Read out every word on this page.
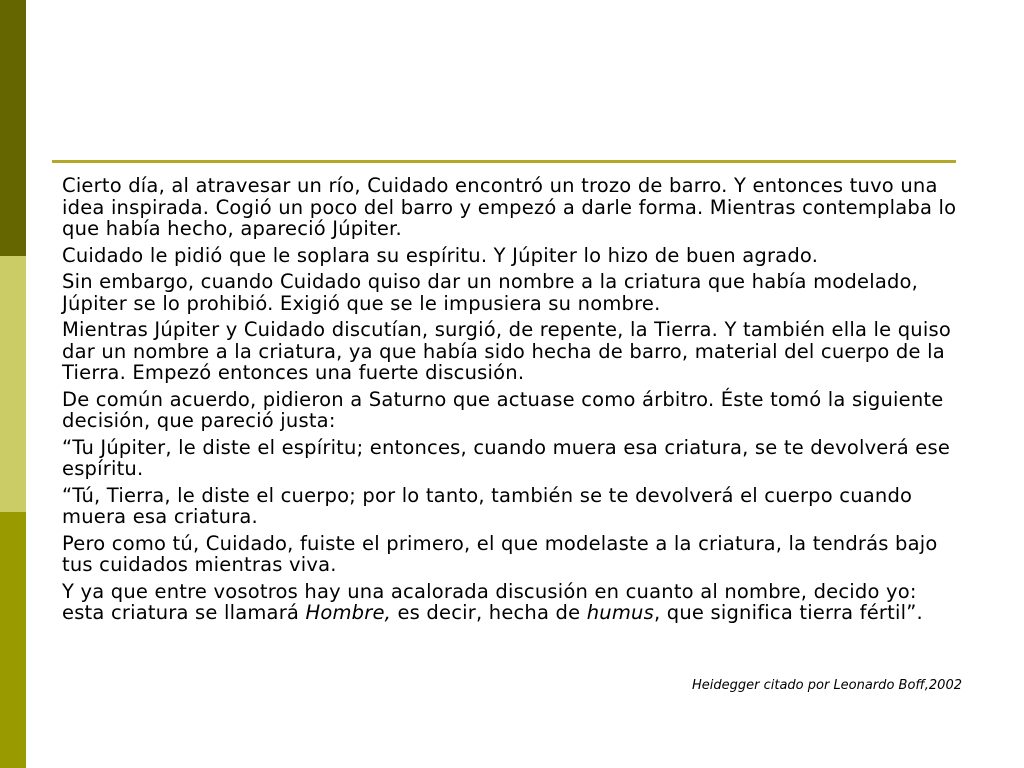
Cierto día, al atravesar un río, Cuidado encontró un trozo de barro. Y entonces tuvo una idea inspirada. Cogió un poco del barro y empezó a darle forma. Mientras contemplaba lo que había hecho, apareció Júpiter.

Cuidado le pidió que le soplara su espíritu. Y Júpiter lo hizo de buen agrado.

Sin embargo, cuando Cuidado quiso dar un nombre a la criatura que había modelado, Júpiter se lo prohibió. Exigió que se le impusiera su nombre.

Mientras Júpiter y Cuidado discutían, surgió, de repente, la Tierra. Y también ella le quiso dar un nombre a la criatura, ya que había sido hecha de barro, material del cuerpo de la Tierra. Empezó entonces una fuerte discusión.

De común acuerdo, pidieron a Saturno que actuase como árbitro. Éste tomó la siguiente decisión, que pareció justa:

“Tu Júpiter, le diste el espíritu; entonces, cuando muera esa criatura, se te devolverá ese espíritu.

“Tú, Tierra, le diste el cuerpo; por lo tanto, también se te devolverá el cuerpo cuando muera esa criatura.

Pero como tú, Cuidado, fuiste el primero, el que modelaste a la criatura, la tendrás bajo tus cuidados mientras viva.

Y ya que entre vosotros hay una acalorada discusión en cuanto al nombre, decido yo: esta criatura se llamará Hombre, es decir, hecha de humus, que significa tierra fértil”.

Heidegger citado por Leonardo Boff,2002
